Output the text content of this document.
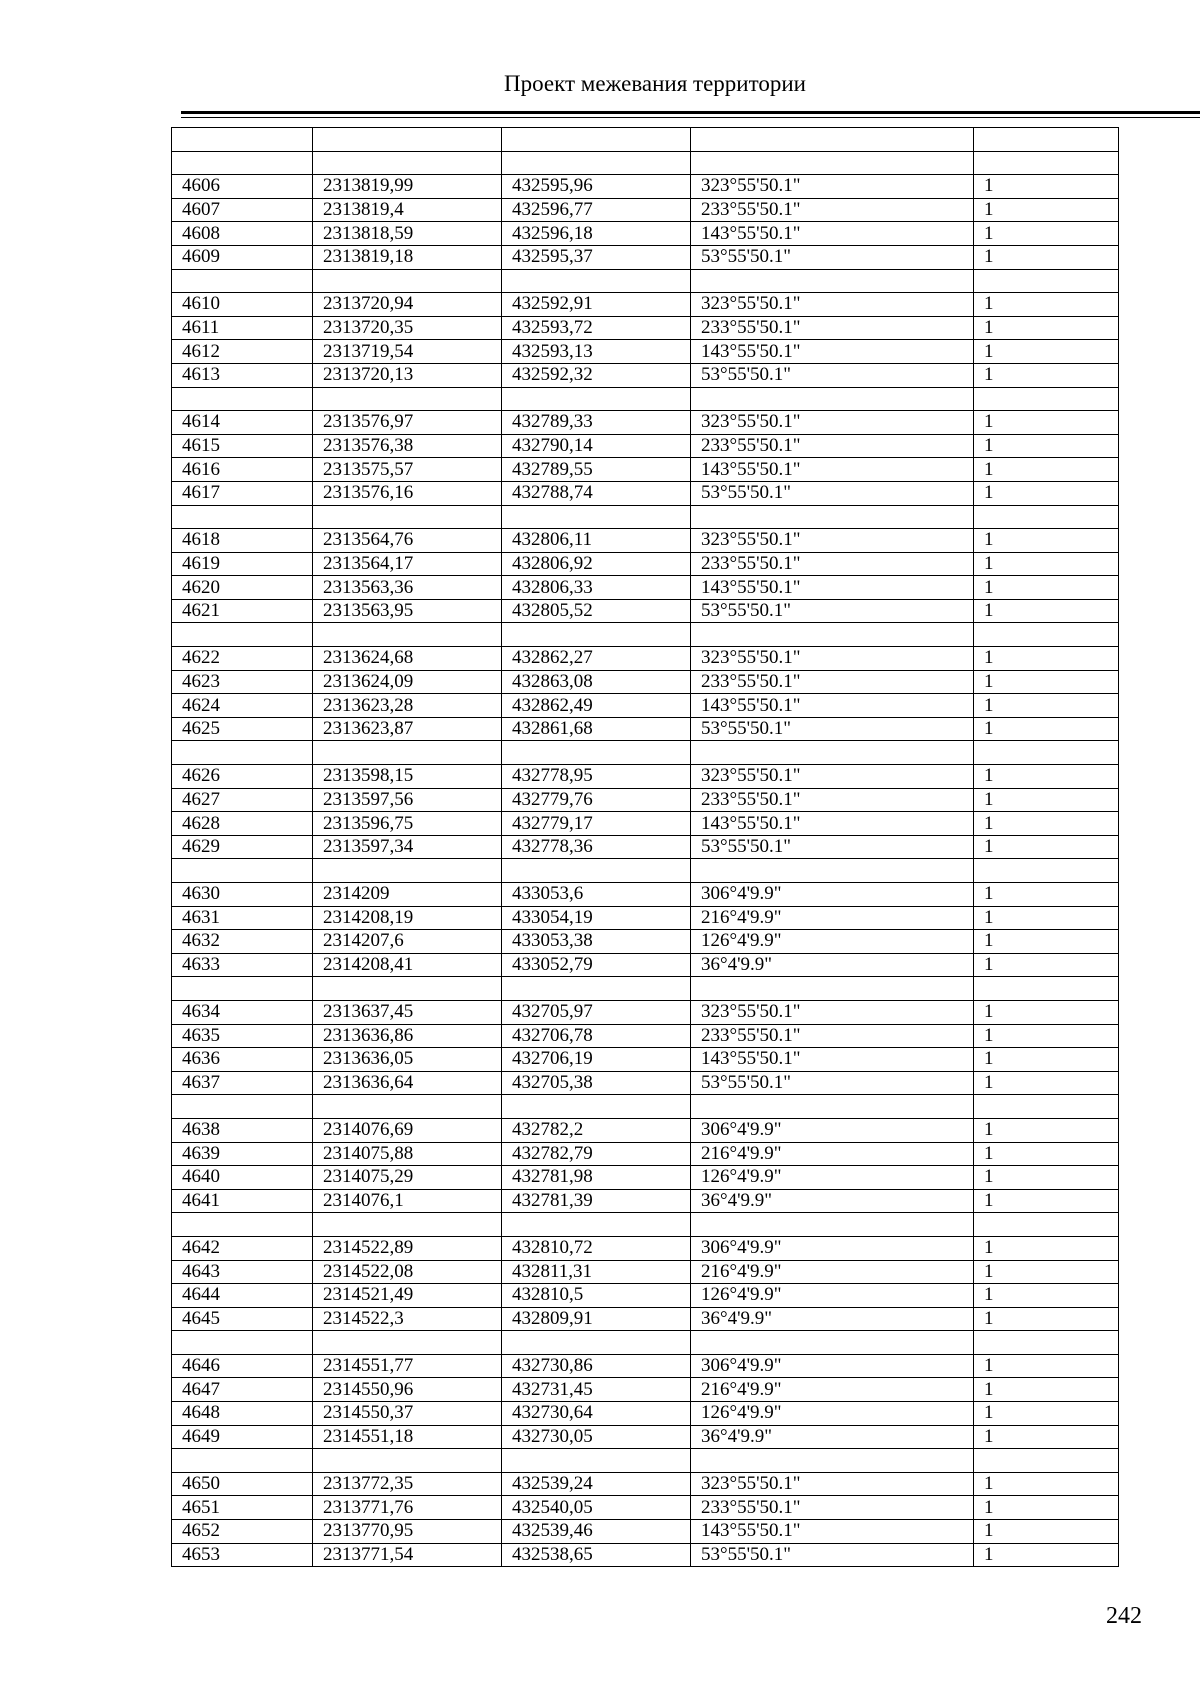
Проект межевания территории

4606	2313819,99	432595,96	323°55'50.1"	1
4607	2313819,4	432596,77	233°55'50.1"	1
4608	2313818,59	432596,18	143°55'50.1"	1
4609	2313819,18	432595,37	53°55'50.1"	1

4610	2313720,94	432592,91	323°55'50.1"	1
4611	2313720,35	432593,72	233°55'50.1"	1
4612	2313719,54	432593,13	143°55'50.1"	1
4613	2313720,13	432592,32	53°55'50.1"	1

4614	2313576,97	432789,33	323°55'50.1"	1
4615	2313576,38	432790,14	233°55'50.1"	1
4616	2313575,57	432789,55	143°55'50.1"	1
4617	2313576,16	432788,74	53°55'50.1"	1

4618	2313564,76	432806,11	323°55'50.1"	1
4619	2313564,17	432806,92	233°55'50.1"	1
4620	2313563,36	432806,33	143°55'50.1"	1
4621	2313563,95	432805,52	53°55'50.1"	1

4622	2313624,68	432862,27	323°55'50.1"	1
4623	2313624,09	432863,08	233°55'50.1"	1
4624	2313623,28	432862,49	143°55'50.1"	1
4625	2313623,87	432861,68	53°55'50.1"	1

4626	2313598,15	432778,95	323°55'50.1"	1
4627	2313597,56	432779,76	233°55'50.1"	1
4628	2313596,75	432779,17	143°55'50.1"	1
4629	2313597,34	432778,36	53°55'50.1"	1

4630	2314209	433053,6	306°4'9.9"	1
4631	2314208,19	433054,19	216°4'9.9"	1
4632	2314207,6	433053,38	126°4'9.9"	1
4633	2314208,41	433052,79	36°4'9.9"	1

4634	2313637,45	432705,97	323°55'50.1"	1
4635	2313636,86	432706,78	233°55'50.1"	1
4636	2313636,05	432706,19	143°55'50.1"	1
4637	2313636,64	432705,38	53°55'50.1"	1

4638	2314076,69	432782,2	306°4'9.9"	1
4639	2314075,88	432782,79	216°4'9.9"	1
4640	2314075,29	432781,98	126°4'9.9"	1
4641	2314076,1	432781,39	36°4'9.9"	1

4642	2314522,89	432810,72	306°4'9.9"	1
4643	2314522,08	432811,31	216°4'9.9"	1
4644	2314521,49	432810,5	126°4'9.9"	1
4645	2314522,3	432809,91	36°4'9.9"	1

4646	2314551,77	432730,86	306°4'9.9"	1
4647	2314550,96	432731,45	216°4'9.9"	1
4648	2314550,37	432730,64	126°4'9.9"	1
4649	2314551,18	432730,05	36°4'9.9"	1

4650	2313772,35	432539,24	323°55'50.1"	1
4651	2313771,76	432540,05	233°55'50.1"	1
4652	2313770,95	432539,46	143°55'50.1"	1
4653	2313771,54	432538,65	53°55'50.1"	1
242
